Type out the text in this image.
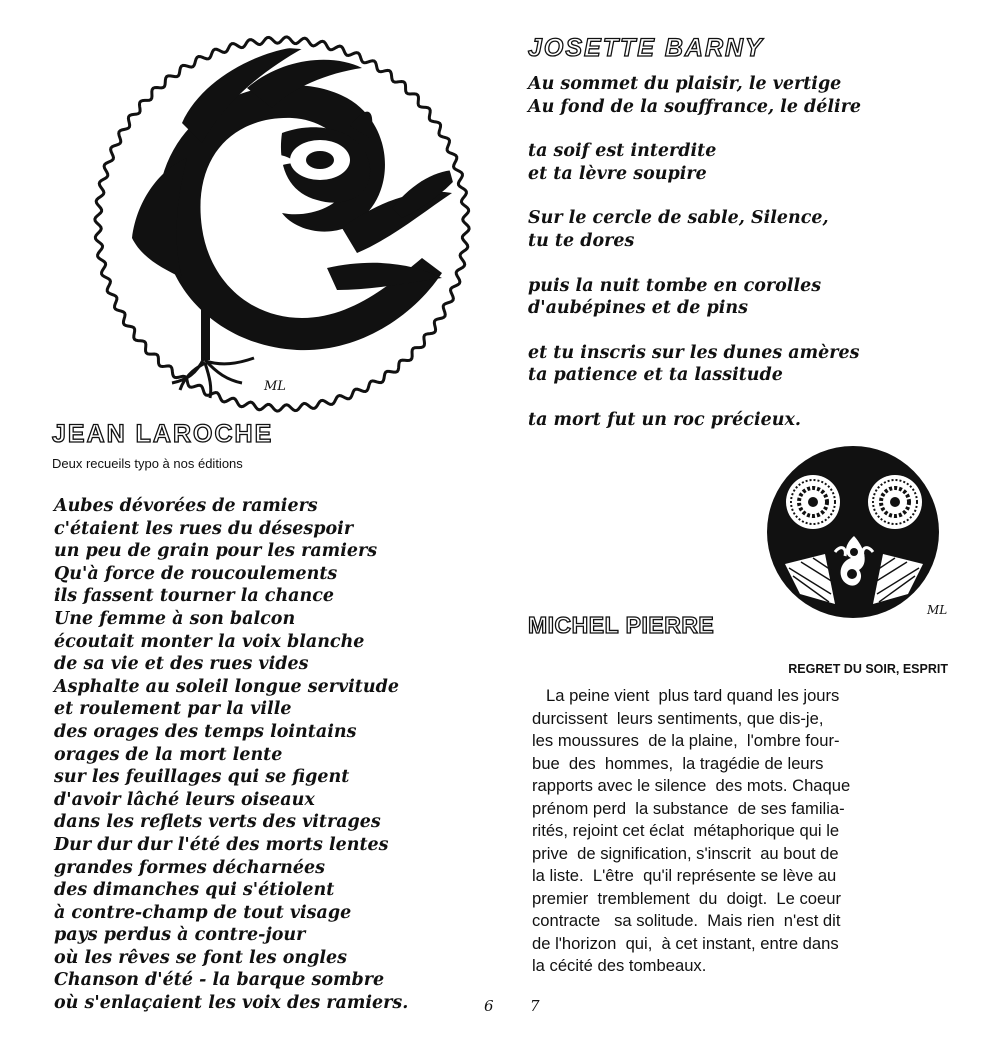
ML
JEAN LAROCHE
Deux recueils typo à nos éditions
Aubes dévorées de ramiers
c'étaient les rues du désespoir
un peu de grain pour les ramiers
Qu'à force de roucoulements
ils fassent tourner la chance
Une femme à son balcon
écoutait monter la voix blanche
de sa vie et des rues vides
Asphalte au soleil longue servitude
et roulement par la ville
des orages des temps lointains
orages de la mort lente
sur les feuillages qui se figent
d'avoir lâché leurs oiseaux
dans les reflets verts des vitrages
Dur dur dur l'été des morts lentes
grandes formes décharnées
des dimanches qui s'étiolent
à contre-champ de tout visage
pays perdus à contre-jour
où les rêves se font les ongles
Chanson d'été - la barque sombre
où s'enlaçaient les voix des ramiers.	6
JOSETTE BARNY
Au sommet du plaisir, le vertige
Au fond de la souffrance, le délire
ta soif est interdite
et ta lèvre soupire
Sur le cercle de sable, Silence,
tu te dores
puis la nuit tombe en corolles
d'aubépines et de pins
et tu inscris sur les dunes amères
ta patience et ta lassitude
ta mort fut un roc précieux.
ML
MICHEL PIERRE
REGRET DU SOIR, ESPRIT
La peine vient  plus tard quand les jours
durcissent  leurs sentiments, que dis-je,
les moussures  de la plaine,  l'ombre four-
bue  des  hommes,  la tragédie de leurs
rapports avec le silence  des mots. Chaque
prénom perd  la substance  de ses familia-
rités, rejoint cet éclat  métaphorique qui le
prive  de signification, s'inscrit  au bout de
la liste.  L'être  qu'il représente se lève au
premier  tremblement  du  doigt.  Le coeur
contracte   sa solitude.  Mais rien  n'est dit
de l'horizon  qui,  à cet instant, entre dans
la cécité des tombeaux.
7
